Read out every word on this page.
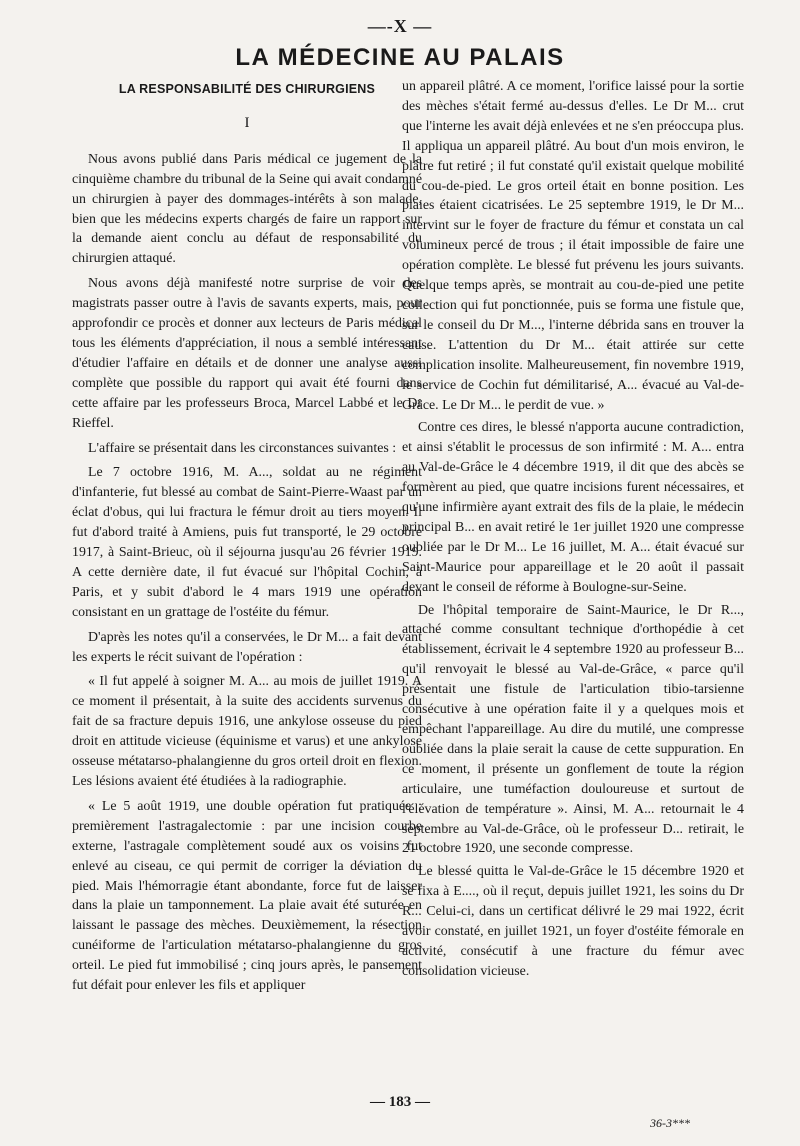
—-X —
LA MÉDECINE AU PALAIS
LA RESPONSABILITÉ DES CHIRURGIENS
I

Nous avons publié dans Paris médical ce jugement de la cinquième chambre du tribunal de la Seine qui avait condamné un chirurgien à payer des dommages-intérêts à son malade, bien que les médecins experts chargés de faire un rapport sur la demande aient conclu au défaut de responsabilité du chirurgien attaqué.

Nous avons déjà manifesté notre surprise de voir des magistrats passer outre à l'avis de savants experts, mais, pour approfondir ce procès et donner aux lecteurs de Paris médical tous les éléments d'appréciation, il nous a semblé intéressant d'étudier l'affaire en détails et de donner une analyse aussi complète que possible du rapport qui avait été fourni dans cette affaire par les professeurs Broca, Marcel Labbé et le Dr Rieffel.

L'affaire se présentait dans les circonstances suivantes :

Le 7 octobre 1916, M. A..., soldat au ne régiment d'infanterie, fut blessé au combat de Saint-Pierre-Waast par un éclat d'obus, qui lui fractura le fémur droit au tiers moyen. Il fut d'abord traité à Amiens, puis fut transporté, le 29 octobre 1917, à Saint-Brieuc, où il séjourna jusqu'au 26 février 1919. A cette dernière date, il fut évacué sur l'hôpital Cochin, à Paris, et y subit d'abord le 4 mars 1919 une opération consistant en un grattage de l'ostéite du fémur.

D'après les notes qu'il a conservées, le Dr M... a fait devant les experts le récit suivant de l'opération :

« Il fut appelé à soigner M. A... au mois de juillet 1919. A ce moment il présentait, à la suite des accidents survenus du fait de sa fracture depuis 1916, une ankylose osseuse du pied droit en attitude vicieuse (équinisme et varus) et une ankylose osseuse métatarso-phalangienne du gros orteil droit en flexion. Les lésions avaient été étudiées à la radiographie.

« Le 5 août 1919, une double opération fut pratiquée : premièrement l'astragalectomie : par une incision courbe externe, l'astragale complètement soudé aux os voisins fut enlevé au ciseau, ce qui permit de corriger la déviation du pied. Mais l'hémorragie étant abondante, force fut de laisser dans la plaie un tamponnement. La plaie avait été suturée en laissant le passage des mèches. Deuxièmement, la résection cunéiforme de l'articulation métatarso-phalangienne du gros orteil. Le pied fut immobilisé ; cinq jours après, le pansement fut défait pour enlever les fils et appliquer

un appareil plâtré. A ce moment, l'orifice laissé pour la sortie des mèches s'était fermé au-dessus d'elles. Le Dr M... crut que l'interne les avait déjà enlevées et ne s'en préoccupa plus. Il appliqua un appareil plâtré. Au bout d'un mois environ, le plâtre fut retiré ; il fut constaté qu'il existait quelque mobilité du cou-de-pied. Le gros orteil était en bonne position. Les plaies étaient cicatrisées. Le 25 septembre 1919, le Dr M... intervint sur le foyer de fracture du fémur et constata un cal volumineux percé de trous ; il était impossible de faire une opération complète. Le blessé fut prévenu les jours suivants. Quelque temps après, se montrait au cou-de-pied une petite collection qui fut ponctionnée, puis se forma une fistule que, sur le conseil du Dr M..., l'interne débrida sans en trouver la cause. L'attention du Dr M... était attirée sur cette complication insolite. Malheureusement, fin novembre 1919, le service de Cochin fut démilitarisé, A... évacué au Val-de-Grâce. Le Dr M... le perdit de vue. »

Contre ces dires, le blessé n'apporta aucune contradiction, et ainsi s'établit le processus de son infirmité : M. A... entra au Val-de-Grâce le 4 décembre 1919, il dit que des abcès se formèrent au pied, que quatre incisions furent nécessaires, et qu'une infirmière ayant extrait des fils de la plaie, le médecin principal B... en avait retiré le 1er juillet 1920 une compresse oubliée par le Dr M... Le 16 juillet, M. A... était évacué sur Saint-Maurice pour appareillage et le 20 août il passait devant le conseil de réforme à Boulogne-sur-Seine.

De l'hôpital temporaire de Saint-Maurice, le Dr R..., attaché comme consultant technique d'orthopédie à cet établissement, écrivait le 4 septembre 1920 au professeur B... qu'il renvoyait le blessé au Val-de-Grâce, « parce qu'il présentait une fistule de l'articulation tibio-tarsienne consécutive à une opération faite il y a quelques mois et empêchant l'appareillage. Au dire du mutilé, une compresse oubliée dans la plaie serait la cause de cette suppuration. En ce moment, il présente un gonflement de toute la région articulaire, une tuméfaction douloureuse et surtout de l'élévation de température ». Ainsi, M. A... retournait le 4 septembre au Val-de-Grâce, où le professeur D... retirait, le 21 octobre 1920, une seconde compresse.

Le blessé quitta le Val-de-Grâce le 15 décembre 1920 et se fixa à E...., où il reçut, depuis juillet 1921, les soins du Dr R... Celui-ci, dans un certificat délivré le 29 mai 1922, écrit avoir constaté, en juillet 1921, un foyer d'ostéite fémorale en activité, consécutif à une fracture du fémur avec consolidation vicieuse.

— 183 —
36-3***
